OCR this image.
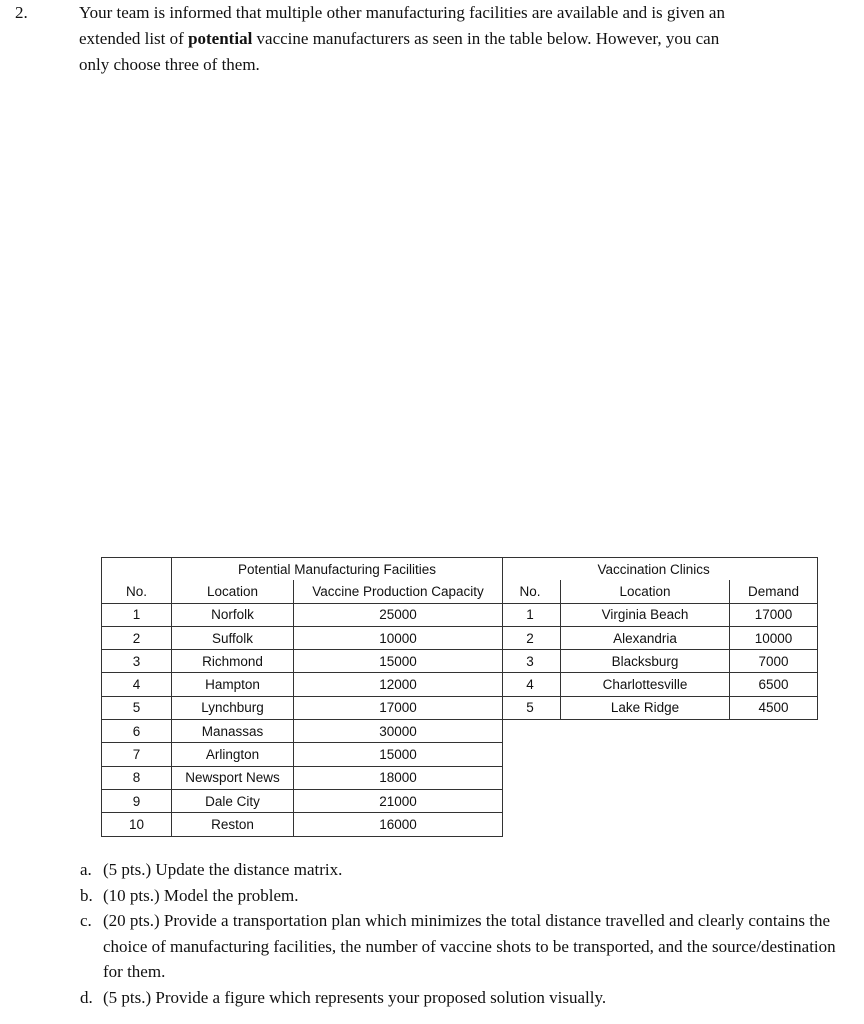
2.	Your team is informed that multiple other manufacturing facilities are available and is given an
extended list of potential vaccine manufacturers as seen in the table below. However, you can
only choose three of them.
	Potential Manufacturing Facilities	
No.	Location	Vaccine Production Capacity
1	Norfolk	25000
2	Suffolk	10000
3	Richmond	15000
4	Hampton	12000
5	Lynchburg	17000
6	Manassas	30000
7	Arlington	15000
8	Newsport News	18000
9	Dale City	21000
10	Reston	16000
	Vaccination Clinics	
No.	Location	Demand
1	Virginia Beach	17000
2	Alexandria	10000
3	Blacksburg	7000
4	Charlottesville	6500
5	Lake Ridge	4500
a. (5 pts.) Update the distance matrix.
b. (10 pts.) Model the problem.
c. (20 pts.) Provide a transportation plan which minimizes the total distance travelled and clearly contains the choice of manufacturing facilities, the number of vaccine shots to be transported, and the source/destination for them.
d. (5 pts.) Provide a figure which represents your proposed solution visually.
